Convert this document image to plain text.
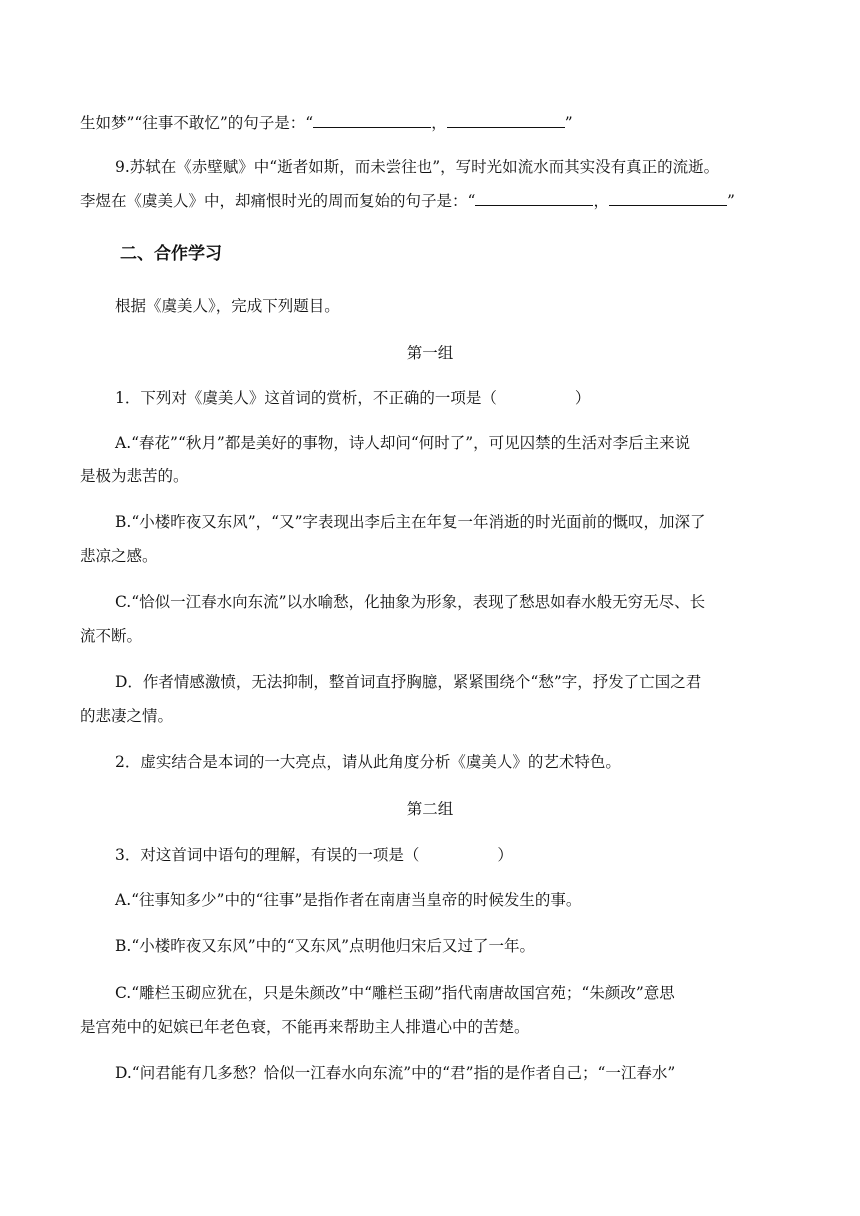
生如梦”“往事不敢忆”的句子是：“	，	”
9.苏轼在《赤壁赋》中“逝者如斯，而未尝往也”，写时光如流水而其实没有真正的流逝。
李煜在《虞美人》中，却痛恨时光的周而复始的句子是：“	，	”
二、合作学习
根据《虞美人》，完成下列题目。
第一组
1．下列对《虞美人》这首词的赏析，不正确的一项是（	）
A.“春花”“秋月”都是美好的事物，诗人却问“何时了”，可见囚禁的生活对李后主来说
是极为悲苦的。
B.“小楼昨夜又东风”，“又”字表现出李后主在年复一年消逝的时光面前的慨叹，加深了
悲凉之感。
C.“恰似一江春水向东流”以水喻愁，化抽象为形象，表现了愁思如春水般无穷无尽、长
流不断。
D．作者情感激愤，无法抑制，整首词直抒胸臆，紧紧围绕个“愁”字，抒发了亡国之君
的悲凄之情。
2．虚实结合是本词的一大亮点，请从此角度分析《虞美人》的艺术特色。
第二组
3．对这首词中语句的理解，有误的一项是（	）
A.“往事知多少”中的“往事”是指作者在南唐当皇帝的时候发生的事。
B.“小楼昨夜又东风”中的“又东风”点明他归宋后又过了一年。
C.“雕栏玉砌应犹在，只是朱颜改”中“雕栏玉砌”指代南唐故国宫苑；“朱颜改”意思
是宫苑中的妃嫔已年老色衰，不能再来帮助主人排遣心中的苦楚。
D.“问君能有几多愁？恰似一江春水向东流”中的“君”指的是作者自己；“一江春水”
